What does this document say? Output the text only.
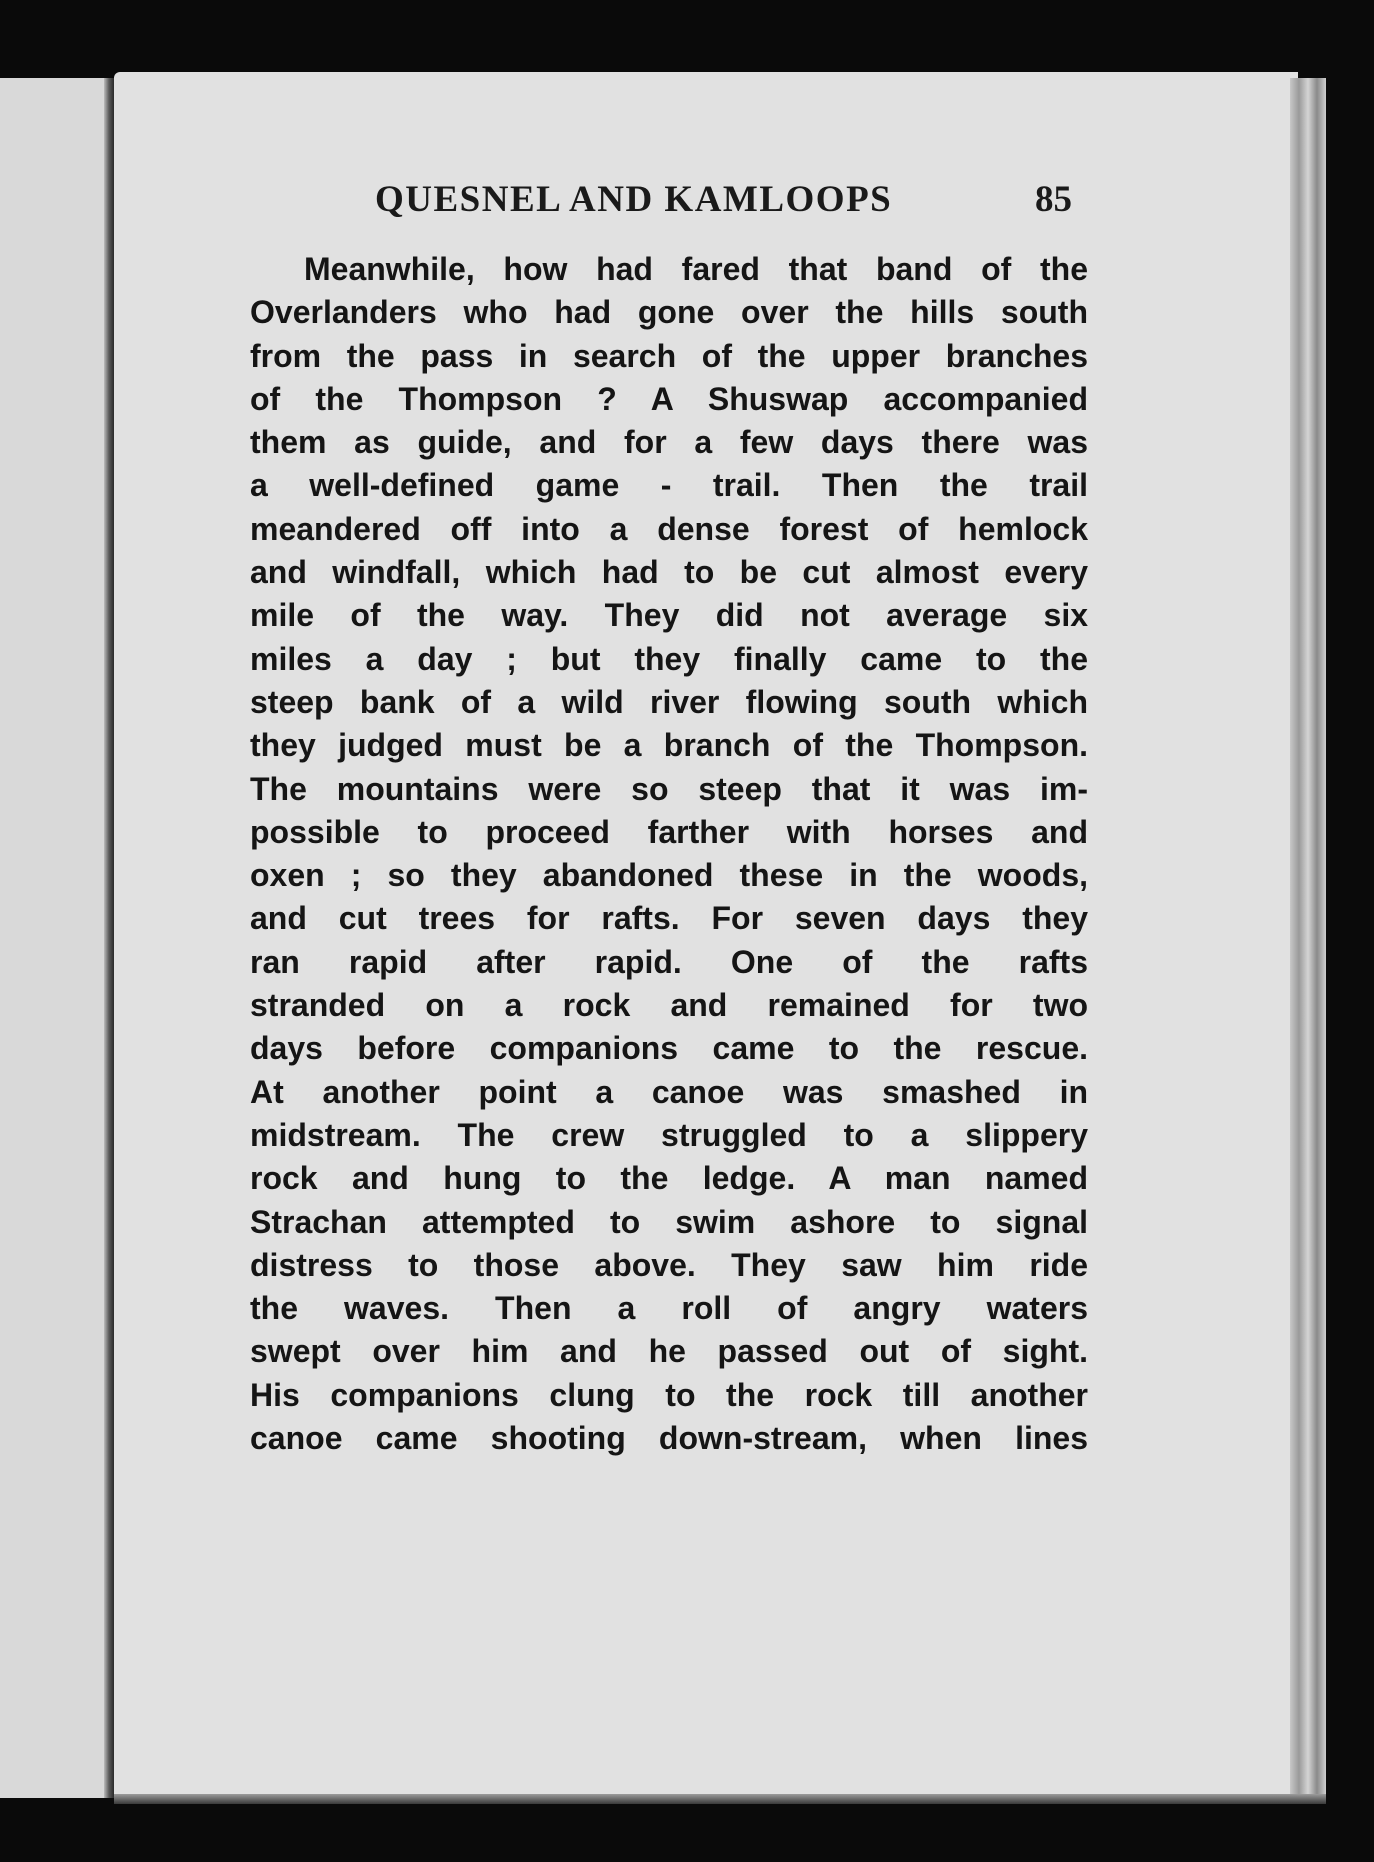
QUESNEL AND KAMLOOPS	85
Meanwhile, how had fared that band of the
Overlanders who had gone over the hills south
from the pass in search of the upper branches
of the Thompson ? A Shuswap accompanied
them as guide, and for a few days there was
a well-defined game - trail. Then the trail
meandered off into a dense forest of hemlock
and windfall, which had to be cut almost every
mile of the way. They did not average six
miles a day ; but they finally came to the
steep bank of a wild river flowing south which
they judged must be a branch of the Thompson.
The mountains were so steep that it was im-
possible to proceed farther with horses and
oxen ; so they abandoned these in the woods,
and cut trees for rafts. For seven days they
ran rapid after rapid. One of the rafts
stranded on a rock and remained for two
days before companions came to the rescue.
At another point a canoe was smashed in
midstream. The crew struggled to a slippery
rock and hung to the ledge. A man named
Strachan attempted to swim ashore to signal
distress to those above. They saw him ride
the waves. Then a roll of angry waters
swept over him and he passed out of sight.
His companions clung to the rock till another
canoe came shooting down-stream, when lines
